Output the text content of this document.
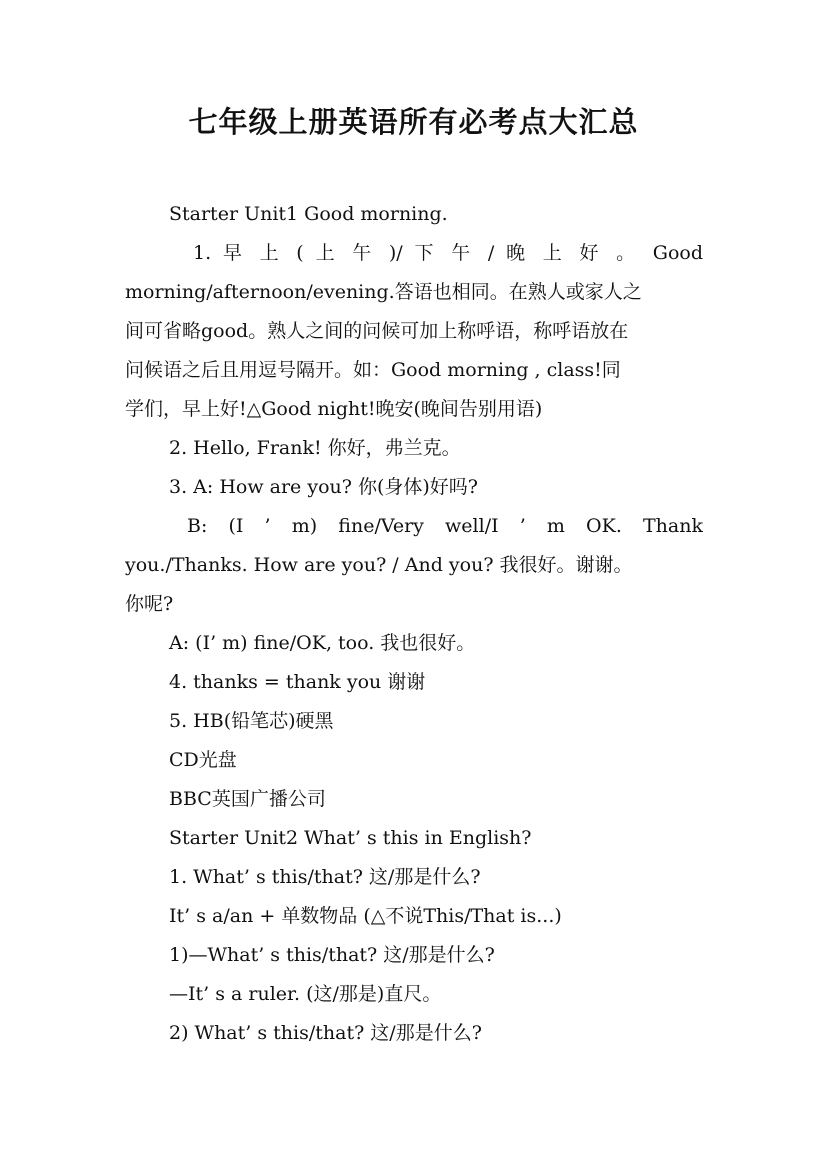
七年级上册英语所有必考点大汇总
Starter Unit1 Good morning.
1. 早 上 ( 上 午 )/ 下 午 / 晚 上 好 。 Good
morning/afternoon/evening.答语也相同。在熟人或家人之
间可省略good。熟人之间的问候可加上称呼语，称呼语放在
问候语之后且用逗号隔开。如：Good morning , class!同
学们，早上好!△Good night!晚安(晚间告别用语)
2. Hello, Frank! 你好，弗兰克。
3. A: How are you? 你(身体)好吗?
B: (I ’ m) fine/Very well/I ’ m OK. Thank
you./Thanks. How are you? / And you? 我很好。谢谢。
你呢?
A: (I’ m) fine/OK, too. 我也很好。
4. thanks = thank you 谢谢
5. HB(铅笔芯)硬黑
CD光盘
BBC英国广播公司
Starter Unit2 What’ s this in English?
1. What’ s this/that? 这/那是什么?
It’ s a/an + 单数物品 (△不说This/That is...)
1)—What’ s this/that? 这/那是什么?
—It’ s a ruler. (这/那是)直尺。
2) What’ s this/that? 这/那是什么?
